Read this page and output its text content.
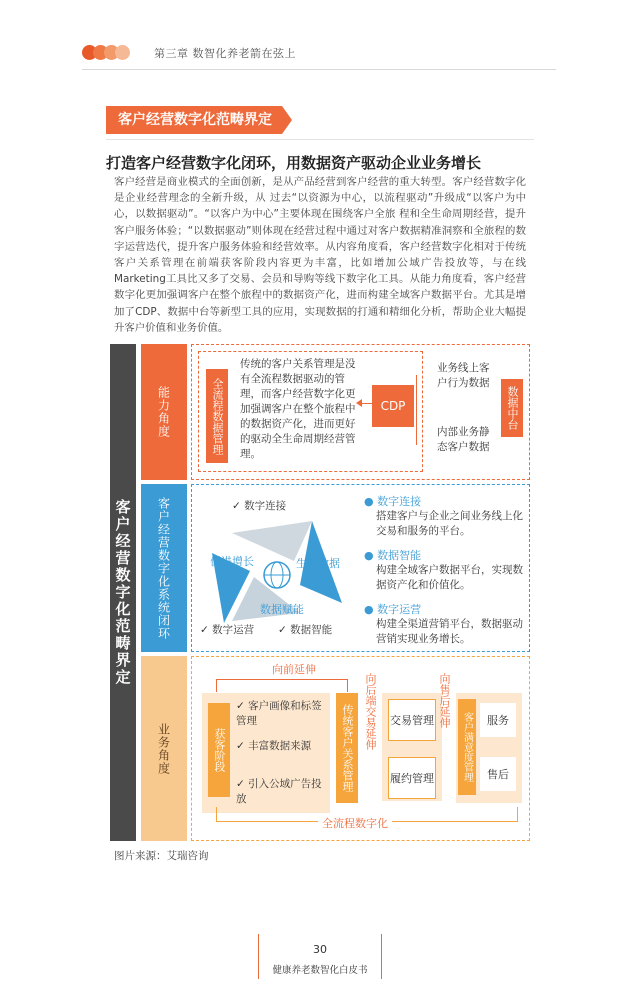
第三章 数智化养老箭在弦上
客户经营数字化范畴界定
打造客户经营数字化闭环，用数据资产驱动企业业务增长
客户经营是商业模式的全面创新，是从产品经营到客户经营的重大转型。客户经营数字化是企业经营理念的全新升级，从 过去“以资源为中心，以流程驱动”升级成“以客户为中心，以数据驱动”。“以客户为中心”主要体现在围绕客户全旅 程和全生命周期经营，提升客户服务体验；“以数据驱动”则体现在经营过程中通过对客户数据精准洞察和全旅程的数字运营迭代，提升客户服务体验和经营效率。从内容角度看，客户经营数字化相对于传统客户关系管理在前端获客阶段内容更为丰富，比如增加公域广告投放等，与在线Marketing工具比又多了交易、会员和导购等线下数字化工具。从能力角度看，客户经营数字化更加强调客户在整个旅程中的数据资产化，进而构建全域客户数据平台。尤其是增加了CDP、数据中台等新型工具的应用，实现数据的打通和精细化分析，帮助企业大幅提升客户价值和业务价值。
客户经营数字化范畴界定
能力角度	全流程数据管理
传统的客户关系管理是没有全流程数据驱动的管理，而客户经营数字化更加强调客户在整个旅程中的数据资产化，进而更好的驱动全生命周期经营管理。
CDP
业务线上客户行为数据
内部业务静态客户数据
数据中台
客户经营数字化系统闭环	✓ 数字连接
促进增长	生产数据
数据赋能
✓ 数字运营 ✓ 数据智能
● 数字连接
搭建客户与企业之间业务线上化交易和服务的平台。
● 数据智能
构建全域客户数据平台，实现数据资产化和价值化。
● 数字运营
构建全渠道营销平台，数据驱动营销实现业务增长。
业务角度
向前延伸
获客阶段
✓ 客户画像和标签管理
✓ 丰富数据来源
✓ 引入公域广告投放
传统客户关系管理 向后端交易延伸 交易管理
履约管理
向售后延伸
客户满意度管理	服务
售后
全流程数字化
图片来源：艾瑞咨询
30
健康养老数智化白皮书
